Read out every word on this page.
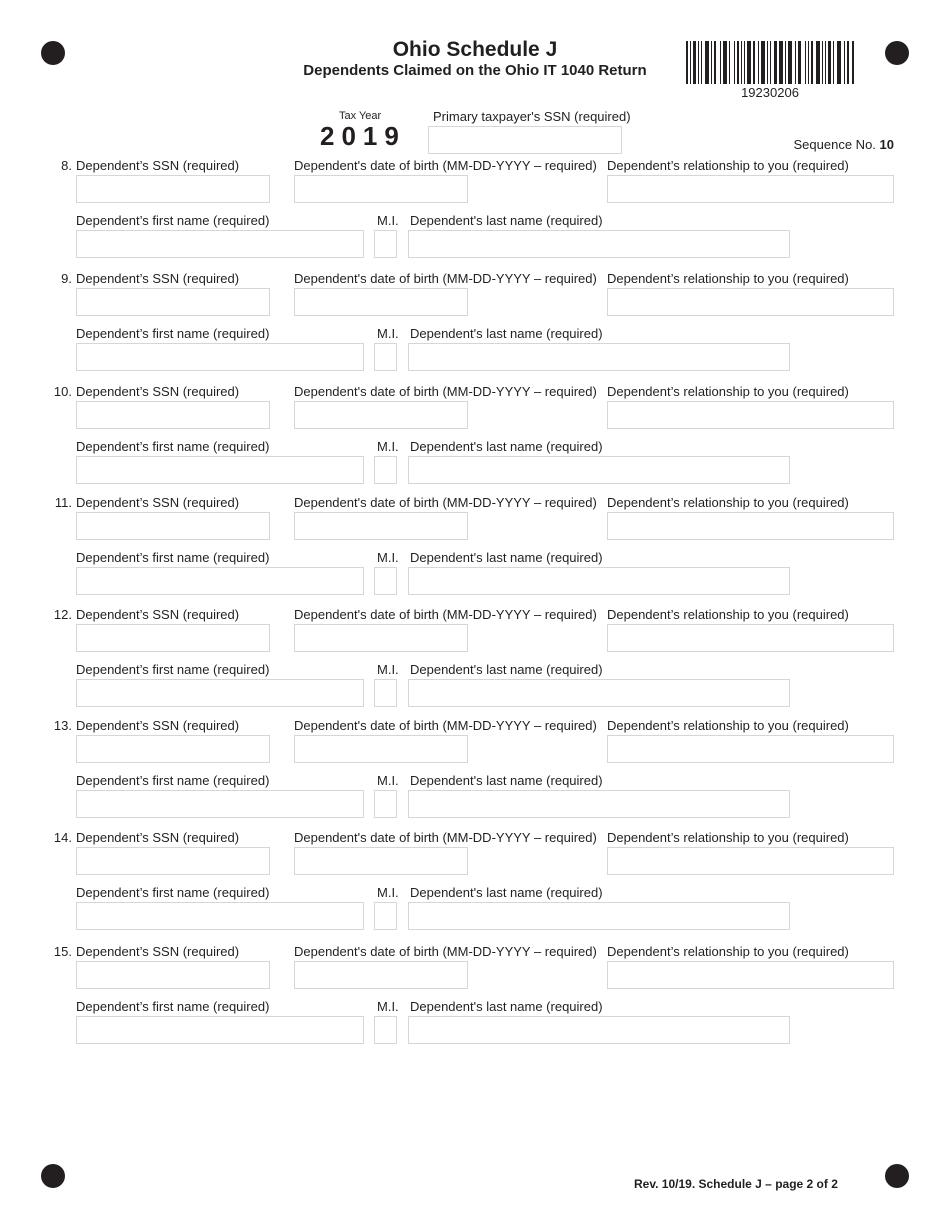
Ohio Schedule J
Dependents Claimed on the Ohio IT 1040 Return
19230206
Tax Year
2019
Primary taxpayer's SSN (required)
Sequence No. 10
8. Dependent’s SSN (required)	Dependent's date of birth (MM-DD-YYYY – required) Dependent’s relationship to you (required)
Dependent’s first name (required)	M.I. Dependent's last name (required)
9. Dependent’s SSN (required)	Dependent's date of birth (MM-DD-YYYY – required) Dependent’s relationship to you (required)
Dependent’s first name (required)	M.I. Dependent's last name (required)
10. Dependent’s SSN (required)	Dependent's date of birth (MM-DD-YYYY – required) Dependent’s relationship to you (required)
Dependent’s first name (required)	M.I. Dependent's last name (required)
11. Dependent’s SSN (required)	Dependent's date of birth (MM-DD-YYYY – required) Dependent’s relationship to you (required)
Dependent’s first name (required)	M.I. Dependent's last name (required)
12. Dependent’s SSN (required)	Dependent's date of birth (MM-DD-YYYY – required) Dependent’s relationship to you (required)
Dependent’s first name (required)	M.I. Dependent's last name (required)
13. Dependent’s SSN (required)	Dependent's date of birth (MM-DD-YYYY – required) Dependent’s relationship to you (required)
Dependent’s first name (required)	M.I. Dependent's last name (required)
14. Dependent’s SSN (required)	Dependent's date of birth (MM-DD-YYYY – required) Dependent’s relationship to you (required)
Dependent’s first name (required)	M.I. Dependent's last name (required)
15. Dependent’s SSN (required)	Dependent's date of birth (MM-DD-YYYY – required) Dependent’s relationship to you (required)
Dependent’s first name (required)	M.I. Dependent's last name (required)
Rev. 10/19. Schedule J – page 2 of 2
